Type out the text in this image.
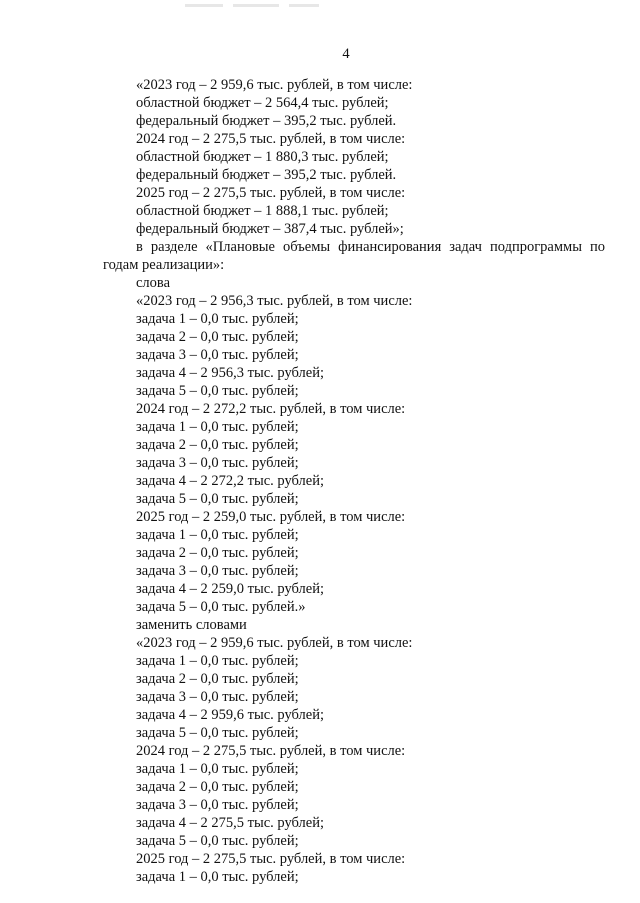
4
«2023 год – 2 959,6 тыс. рублей, в том числе:
областной бюджет – 2 564,4 тыс. рублей;
федеральный бюджет – 395,2 тыс. рублей.
2024 год – 2 275,5 тыс. рублей, в том числе:
областной бюджет – 1 880,3 тыс. рублей;
федеральный бюджет – 395,2 тыс. рублей.
2025 год – 2 275,5 тыс. рублей, в том числе:
областной бюджет – 1 888,1 тыс. рублей;
федеральный бюджет – 387,4 тыс. рублей»;
в разделе «Плановые объемы финансирования задач подпрограммы по годам реализации»:
слова
«2023 год – 2 956,3 тыс. рублей, в том числе:
задача 1 – 0,0 тыс. рублей;
задача 2 – 0,0 тыс. рублей;
задача 3 – 0,0 тыс. рублей;
задача 4 – 2 956,3 тыс. рублей;
задача 5 – 0,0 тыс. рублей;
2024 год – 2 272,2 тыс. рублей, в том числе:
задача 1 – 0,0 тыс. рублей;
задача 2 – 0,0 тыс. рублей;
задача 3 – 0,0 тыс. рублей;
задача 4 – 2 272,2 тыс. рублей;
задача 5 – 0,0 тыс. рублей;
2025 год – 2 259,0 тыс. рублей, в том числе:
задача 1 – 0,0 тыс. рублей;
задача 2 – 0,0 тыс. рублей;
задача 3 – 0,0 тыс. рублей;
задача 4 – 2 259,0 тыс. рублей;
задача 5 – 0,0 тыс. рублей.»
заменить словами
«2023 год – 2 959,6 тыс. рублей, в том числе:
задача 1 – 0,0 тыс. рублей;
задача 2 – 0,0 тыс. рублей;
задача 3 – 0,0 тыс. рублей;
задача 4 – 2 959,6 тыс. рублей;
задача 5 – 0,0 тыс. рублей;
2024 год – 2 275,5 тыс. рублей, в том числе:
задача 1 – 0,0 тыс. рублей;
задача 2 – 0,0 тыс. рублей;
задача 3 – 0,0 тыс. рублей;
задача 4 – 2 275,5 тыс. рублей;
задача 5 – 0,0 тыс. рублей;
2025 год – 2 275,5 тыс. рублей, в том числе:
задача 1 – 0,0 тыс. рублей;
